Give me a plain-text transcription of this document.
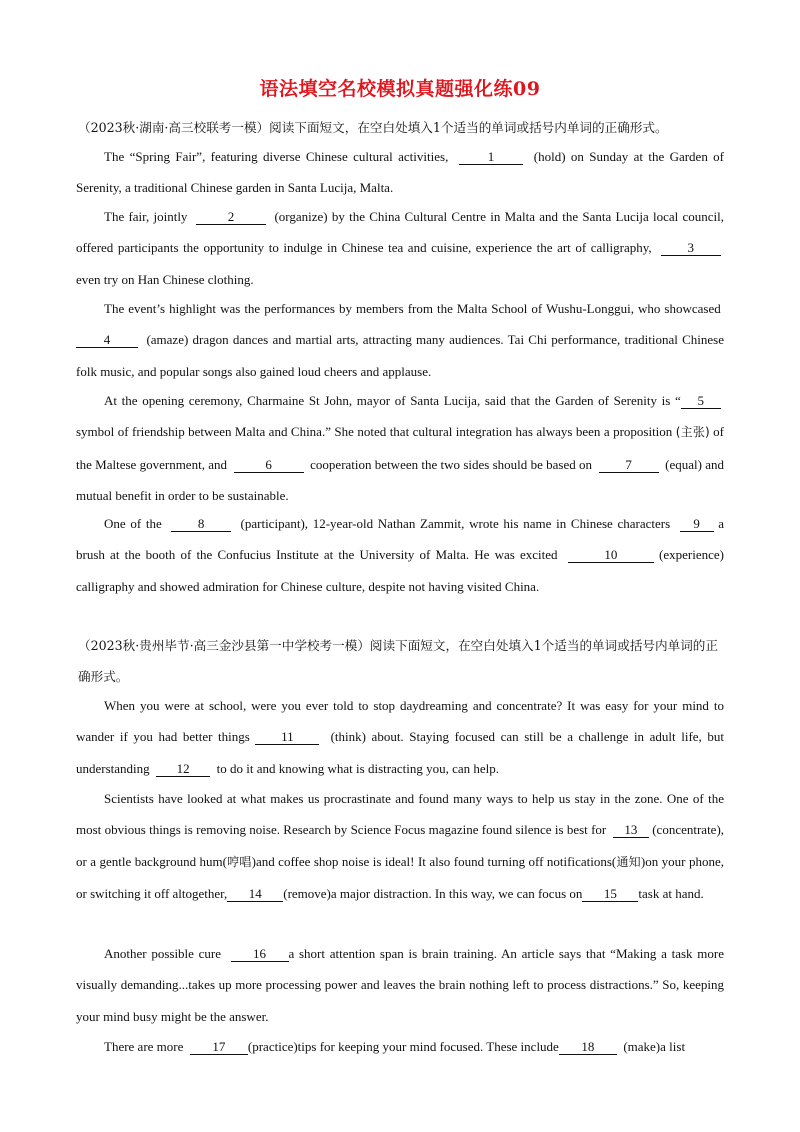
语法填空名校模拟真题强化练09
（2023秋·湖南·高三校联考一模）阅读下面短文，在空白处填入1个适当的单词或括号内单词的正确形式。
The “Spring Fair”, featuring diverse Chinese cultural activities,	1	(hold) on Sunday at the Garden of Serenity, a traditional Chinese garden in Santa Lucija, Malta.
The fair, jointly	2	(organize) by the China Cultural Centre in Malta and the Santa Lucija local council, offered participants the opportunity to indulge in Chinese tea and cuisine, experience the art of calligraphy,	3  even try on Han Chinese clothing.
The event’s highlight was the performances by members from the Malta School of Wushu-Longgui, who showcased  4	(amaze) dragon dances and martial arts, attracting many audiences. Tai Chi performance, traditional Chinese folk music, and popular songs also gained loud cheers and applause.
At the opening ceremony, Charmaine St John, mayor of Santa Lucija, said that the Garden of Serenity is “ 5  symbol of friendship between Malta and China.” She noted that cultural integration has always been a proposition (主张) of the Maltese government, and	6	cooperation between the two sides should be based on	7	(equal) and mutual benefit in order to be sustainable.
One of the	8	(participant), 12-year-old Nathan Zammit, wrote his name in Chinese characters 9 a brush at the booth of the Confucius Institute at the University of Malta. He was excited	10	(experience) calligraphy and showed admiration for Chinese culture, despite not having visited China.
（2023秋·贵州毕节·高三金沙县第一中学校考一模）阅读下面短文，在空白处填入1个适当的单词或括号内单词的正确形式。
When you were at school, were you ever told to stop daydreaming and concentrate? It was easy for your mind to wander if you had better things 11	(think) about. Staying focused can still be a challenge in adult life, but understanding 12 to do it and knowing what is distracting you, can help.
Scientists have looked at what makes us procrastinate and found many ways to help us stay in the zone. One of the most obvious things is removing noise. Research by Science Focus magazine found silence is best for 13 (concentrate), or a gentle background hum(哼唱)and coffee shop noise is ideal! It also found turning off notifications(通知)on your phone, or switching it off altogether, 14 (remove)a major distraction. In this way, we can focus on 15 task at hand.
Another possible cure 16 a short attention span is brain training. An article says that “Making a task more visually demanding...takes up more processing power and leaves the brain nothing left to process distractions.” So, keeping your mind busy might be the answer.
There are more 17 (practice)tips for keeping your mind focused. These include 18 (make)a list
